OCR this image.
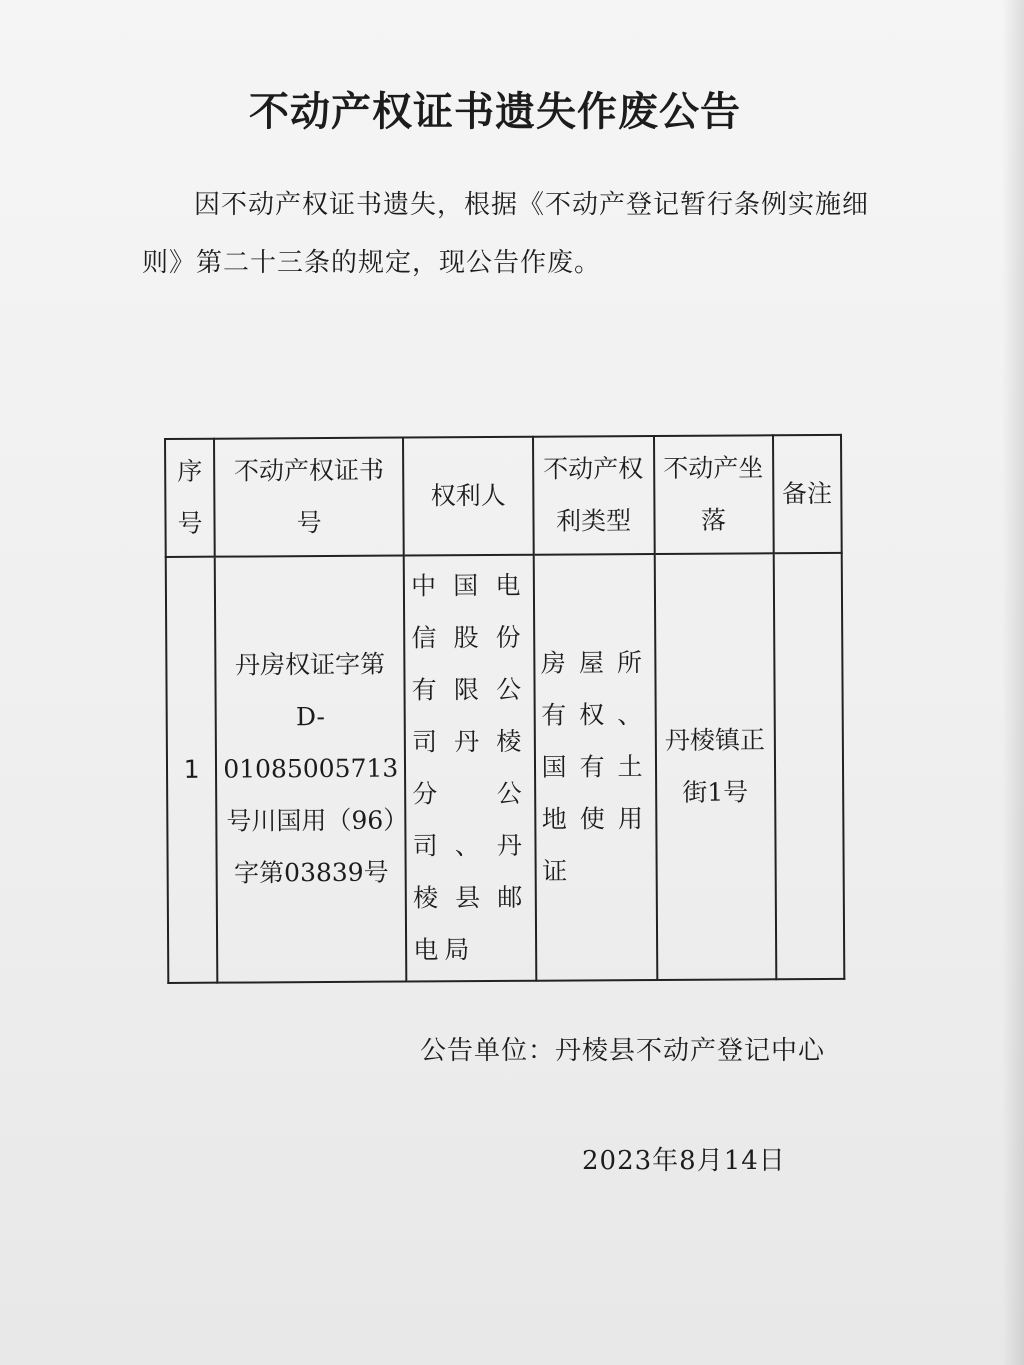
不动产权证书遗失作废公告
因不动产权证书遗失，根据《不动产登记暂行条例实施细则》第二十三条的规定，现公告作废。
序号	不动产权证书号	权利人	不动产权利类型	不动产坐落	备注
1	丹房权证字第D-01085005713号川国用（96）字第03839号	中国电信股份有限公司丹棱分公司、丹棱县邮电局	房屋所有权、国有土地使用证	丹棱镇正街1号	
公告单位：丹棱县不动产登记中心
2023年8月14日
